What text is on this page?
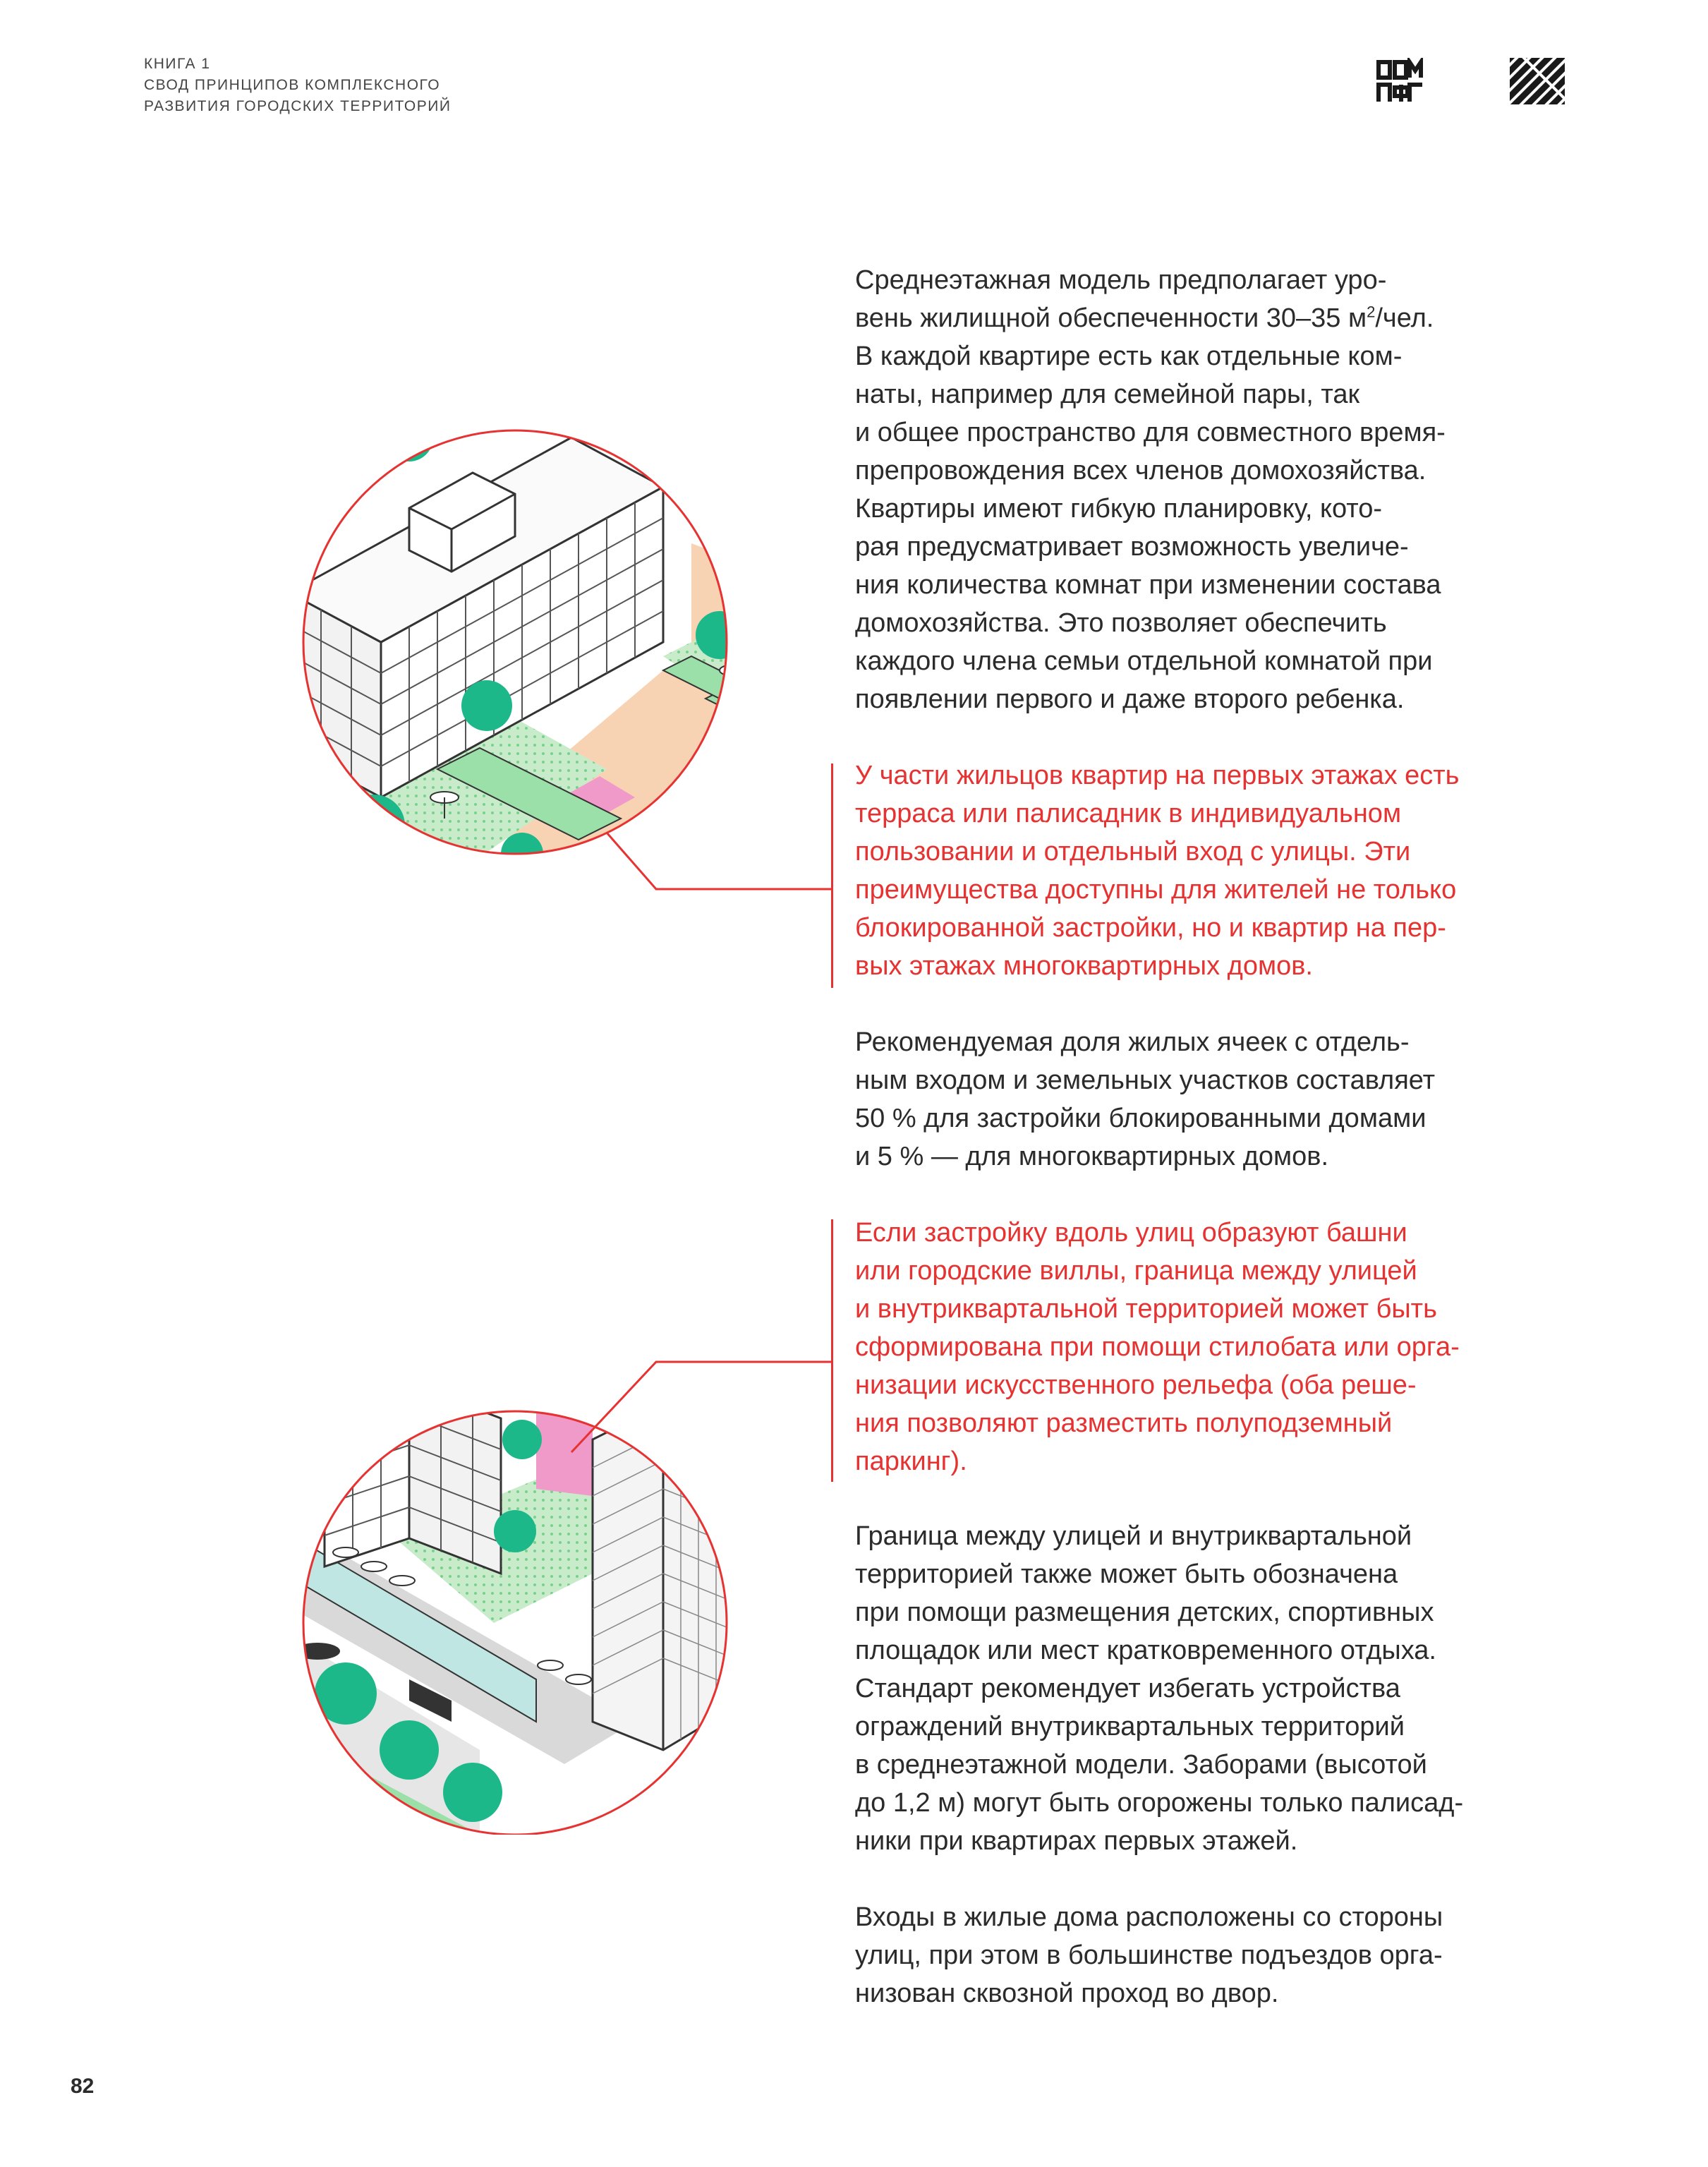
КНИГА 1
СВОД ПРИНЦИПОВ КОМПЛЕКСНОГО
РАЗВИТИЯ ГОРОДСКИХ ТЕРРИТОРИЙ

Среднеэтажная модель предполагает уро-

вень жилищной обеспеченности 30–35 $м^2$/чел.

В каждой квартире есть как отдельные ком-

наты, например для семейной пары, так

и общее пространство для совместного время-

препровождения всех членов домохозяйства.

Квартиры имеют гибкую планировку, кото-

рая предусматривает возможность увеличе-

ния количества комнат при изменении состава

домохозяйства. Это позволяет обеспечить

каждого члена семьи отдельной комнатой при

появлении первого и даже второго ребенка.

У части жильцов квартир на первых этажах есть

терраса или палисадник в индивидуальном

пользовании и отдельный вход с улицы. Эти

преимущества доступны для жителей не только

блокированной застройки, но и квартир на пер-

вых этажах многоквартирных домов.

Рекомендуемая доля жилых ячеек с отдель-

ным входом и земельных участков составляет

50 % для застройки блокированными домами

и 5 % — для многоквартирных домов.

Если застройку вдоль улиц образуют башни

или городские виллы, граница между улицей

и внутриквартальной территорией может быть

сформирована при помощи стилобата или орга-

низации искусственного рельефа (оба реше-

ния позволяют разместить полуподземный

паркинг).

Граница между улицей и внутриквартальной

территорией также может быть обозначена

при помощи размещения детских, спортивных

площадок или мест кратковременного отдыха.

Стандарт рекомендует избегать устройства

ограждений внутриквартальных территорий

в среднеэтажной модели. Заборами (высотой

до 1,2 м) могут быть огорожены только палисад-

ники при квартирах первых этажей.

Входы в жилые дома расположены со стороны

улиц, при этом в большинстве подъездов орга-

низован сквозной проход во двор.

82
